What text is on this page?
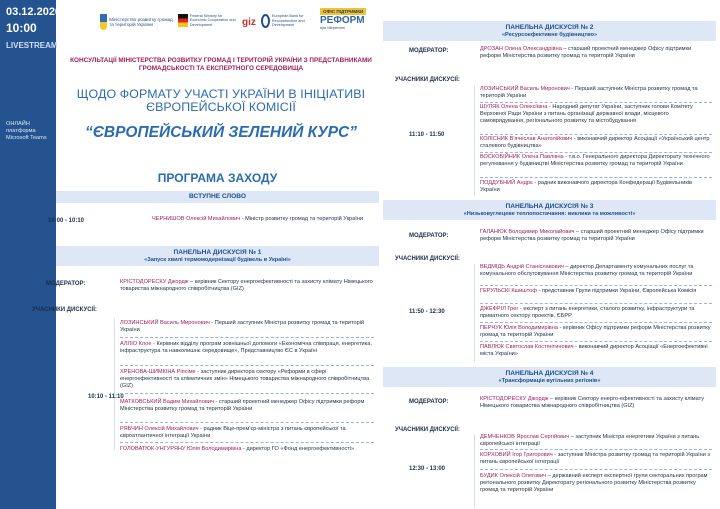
03.12.2020
10:00
LIVESTREAM
ОНЛАЙН платформа Microsoft Teams
Міністерство розвитку громад та територій України
Federal Ministry for Economic Cooperation and Development	giz
European Bank for Reconstruction and Development
ОФІС ПІДТРИМКИ
РЕФОРМ
при Мінрегіоні
КОНСУЛЬТАЦІЇ МІНІСТЕРСТВА РОЗВИТКУ ГРОМАД І ТЕРИТОРІЙ УКРАЇНИ З ПРЕДСТАВНИКАМИ ГРОМАДСЬКОСТІ ТА ЕКСПЕРТНОГО СЕРЕДОВИЩА
ЩОДО ФОРМАТУ УЧАСТІ УКРАЇНИ В ІНІЦІАТИВІ ЄВРОПЕЙСЬКОЇ КОМІСІЇ
“ЄВРОПЕЙСЬКИЙ ЗЕЛЕНИЙ КУРС”
ПРОГРАМА ЗАХОДУ
ВСТУПНЕ СЛОВО
10:00 - 10:10	ЧЕРНИШОВ Олексій Михайлович - Міністр розвитку громад та територій України
ПАНЕЛЬНА ДИСКУСІЯ № 1
«Запуск хвилі термомодернізації будівель в Україні»
МОДЕРАТОР:	КРІСТОДОРЕСКУ Джордж – керівник Сектору енергоефективності та захисту клімату Німецького товариства міжнародного співробітництва (GIZ)
УЧАСНИКИ ДИСКУСІЇ:
10:10 - 11:10
ЛОЗИНСЬКИЙ Василь Миронович - Перший заступник Міністра розвитку громад та територій України
АЛЛІО Клое - Керівник відділу програм зовнішньої допомоги «Економічна співпраця, енергетика, інфраструктура та навколишнє середовище», Представництво ЄС в Україні
ХРЕНОВА-ШИМКІНА Ріпсіме - заступник директора сектору «Реформи в сфері енергоефективності та кліматичних змін» Німецького товариства міжнародного співробітництва (GIZ)
МАТКОВСЬКИЙ Вадим Михайлович - старший проектний менеджер Офісу підтримки реформ Міністерства розвитку громад та територій України
РЯБЧИН Олексій Михайлович - радник Віце-прем'єр-міністра з питань європейської та євроатлантичної інтеграції України
ГОЛОВАТЮК-УНГУРЯНУ Юлія Володимирівна - директор ГО «Фонд енергоефективності»
ПАНЕЛЬНА ДИСКУСІЯ № 2
«Ресурсоефективне будівництво»
МОДЕРАТОР:	ДРОЗАН Олена Олександрівна – старший проектний менеджер Офісу підтримки реформ Міністерства розвитку громад та територій України
УЧАСНИКИ ДИСКУСІЇ:
11:10 - 11:50
ЛОЗИНСЬКИЙ Василь Миронович - Перший заступник Міністра розвитку громад та територій України
ШУЛЯК Олена Олексіївна - Народний депутат України, заступник голови Комітету Верховної Ради України з питань організації державної влади, місцевого самоврядування, регіонального розвитку та містобудування
КОЛІСНИК В'ячеслав Анатолійович - виконавчий директор Асоціації «Український центр сталевого будівництва»
ВОСКОБІЙНИК Олена Павлівна - т.в.о. Генерального директора Директорату технічного регулювання у будівництві Міністерства розвитку громад та територій України
ПОДДУБНИЙ Андрє - радник виконавчого директора Конфедерації Будівельників України
ПАНЕЛЬНА ДИСКУСІЯ № 3
«Низьковуглецеве теплопостачання: виклики та можливості»
МОДЕРАТОР:
ГАЛАНЮК Володимир Миколайович – старший проектний менеджер Офісу підтримки реформ Міністерства розвитку громад та територій України
УЧАСНИКИ ДИСКУСІЇ:
11:50 - 12:30
ВЕДМІДЬ Андрій Станіславович – директор Департаменту комунальних послуг та комунального обслуговування Міністерства розвитку громад та територій України
ГЕРУЛЬСКІ Кшиштоф - представник Групи підтримки України, Європейська Комісія
ДЖЕФРІЛ Грег - експерт з питань енергетики, сталого розвитку, інфраструктури та приватного сектору проектів, ЄБРР
ПЕРЧУК Юлія Володимирівна - керівник Офісу підтримки реформ Міністерства розвитку громад та територій України
ПАВЛЮК Святослав Костянтинович - виконавчий директор Асоціації «Енергоефективні міста України»
ПАНЕЛЬНА ДИСКУСІЯ № 4
«Трансформація вугільних регіонів»
МОДЕРАТОР:	КРІСТОДОРЕСКУ Джордж – керівник Сектору енерго-ефективності та захисту клімату Німецького товариства міжнародного співробітництва (GIZ)
УЧАСНИКИ ДИСКУСІЇ:
12:30 - 13:00
ДЕМЧЕНКОВ Ярослав Сергійович – заступник Міністра енергетики України з питань європейської інтеграції
КОРХОВИЙ Ігор Григорович - заступник Міністра розвитку громад та територій України з питань європейської інтеграції
БУДИК Олексій Олегович – державний експерт експертної групи секторальних програм регіонального розвитку Директорату регіонального розвитку Міністерства розвитку громад та територій України
